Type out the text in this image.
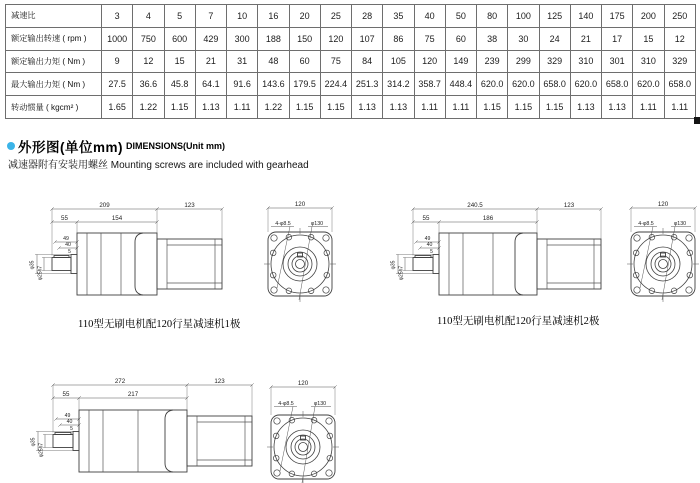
减速比	3	4	5	7	10	16	20	25	28	35	40	50	80	100	125	140	175	200	250
额定输出转速 ( rpm )	1000	750	600	429	300	188	150	120	107	86	75	60	38	30	24	21	17	15	12
额定输出力矩 ( Nm )	9	12	15	21	31	48	60	75	84	105	120	149	239	299	329	310	301	310	329
最大输出力矩 ( Nm )	27.5	36.6	45.8	64.1	91.6	143.6	179.5	224.4	251.3	314.2	358.7	448.4	620.0	620.0	658.0	620.0	658.0	620.0	658.0
转动惯量 ( kgcm² )	1.65	1.22	1.15	1.13	1.11	1.22	1.15	1.15	1.13	1.13	1.11	1.11	1.15	1.15	1.15	1.13	1.13	1.11	1.11
外形图(单位mm) DIMENSIONS(Unit mm)
减速器附有安装用螺丝 Mounting screws are included with gearhead
209	123
55	154
49
40
5
φ35
φ25h7
120
4-φ8.5	φ130
240.5	123
55	186
49
40
5
φ35
φ25h7
120
4-φ8.5	φ130
272	123
55	217
49
40
5
φ35
φ25h7
120
4-φ8.5	φ130
110型无刷电机配120行星减速机1极	110型无刷电机配120行星减速机2极
